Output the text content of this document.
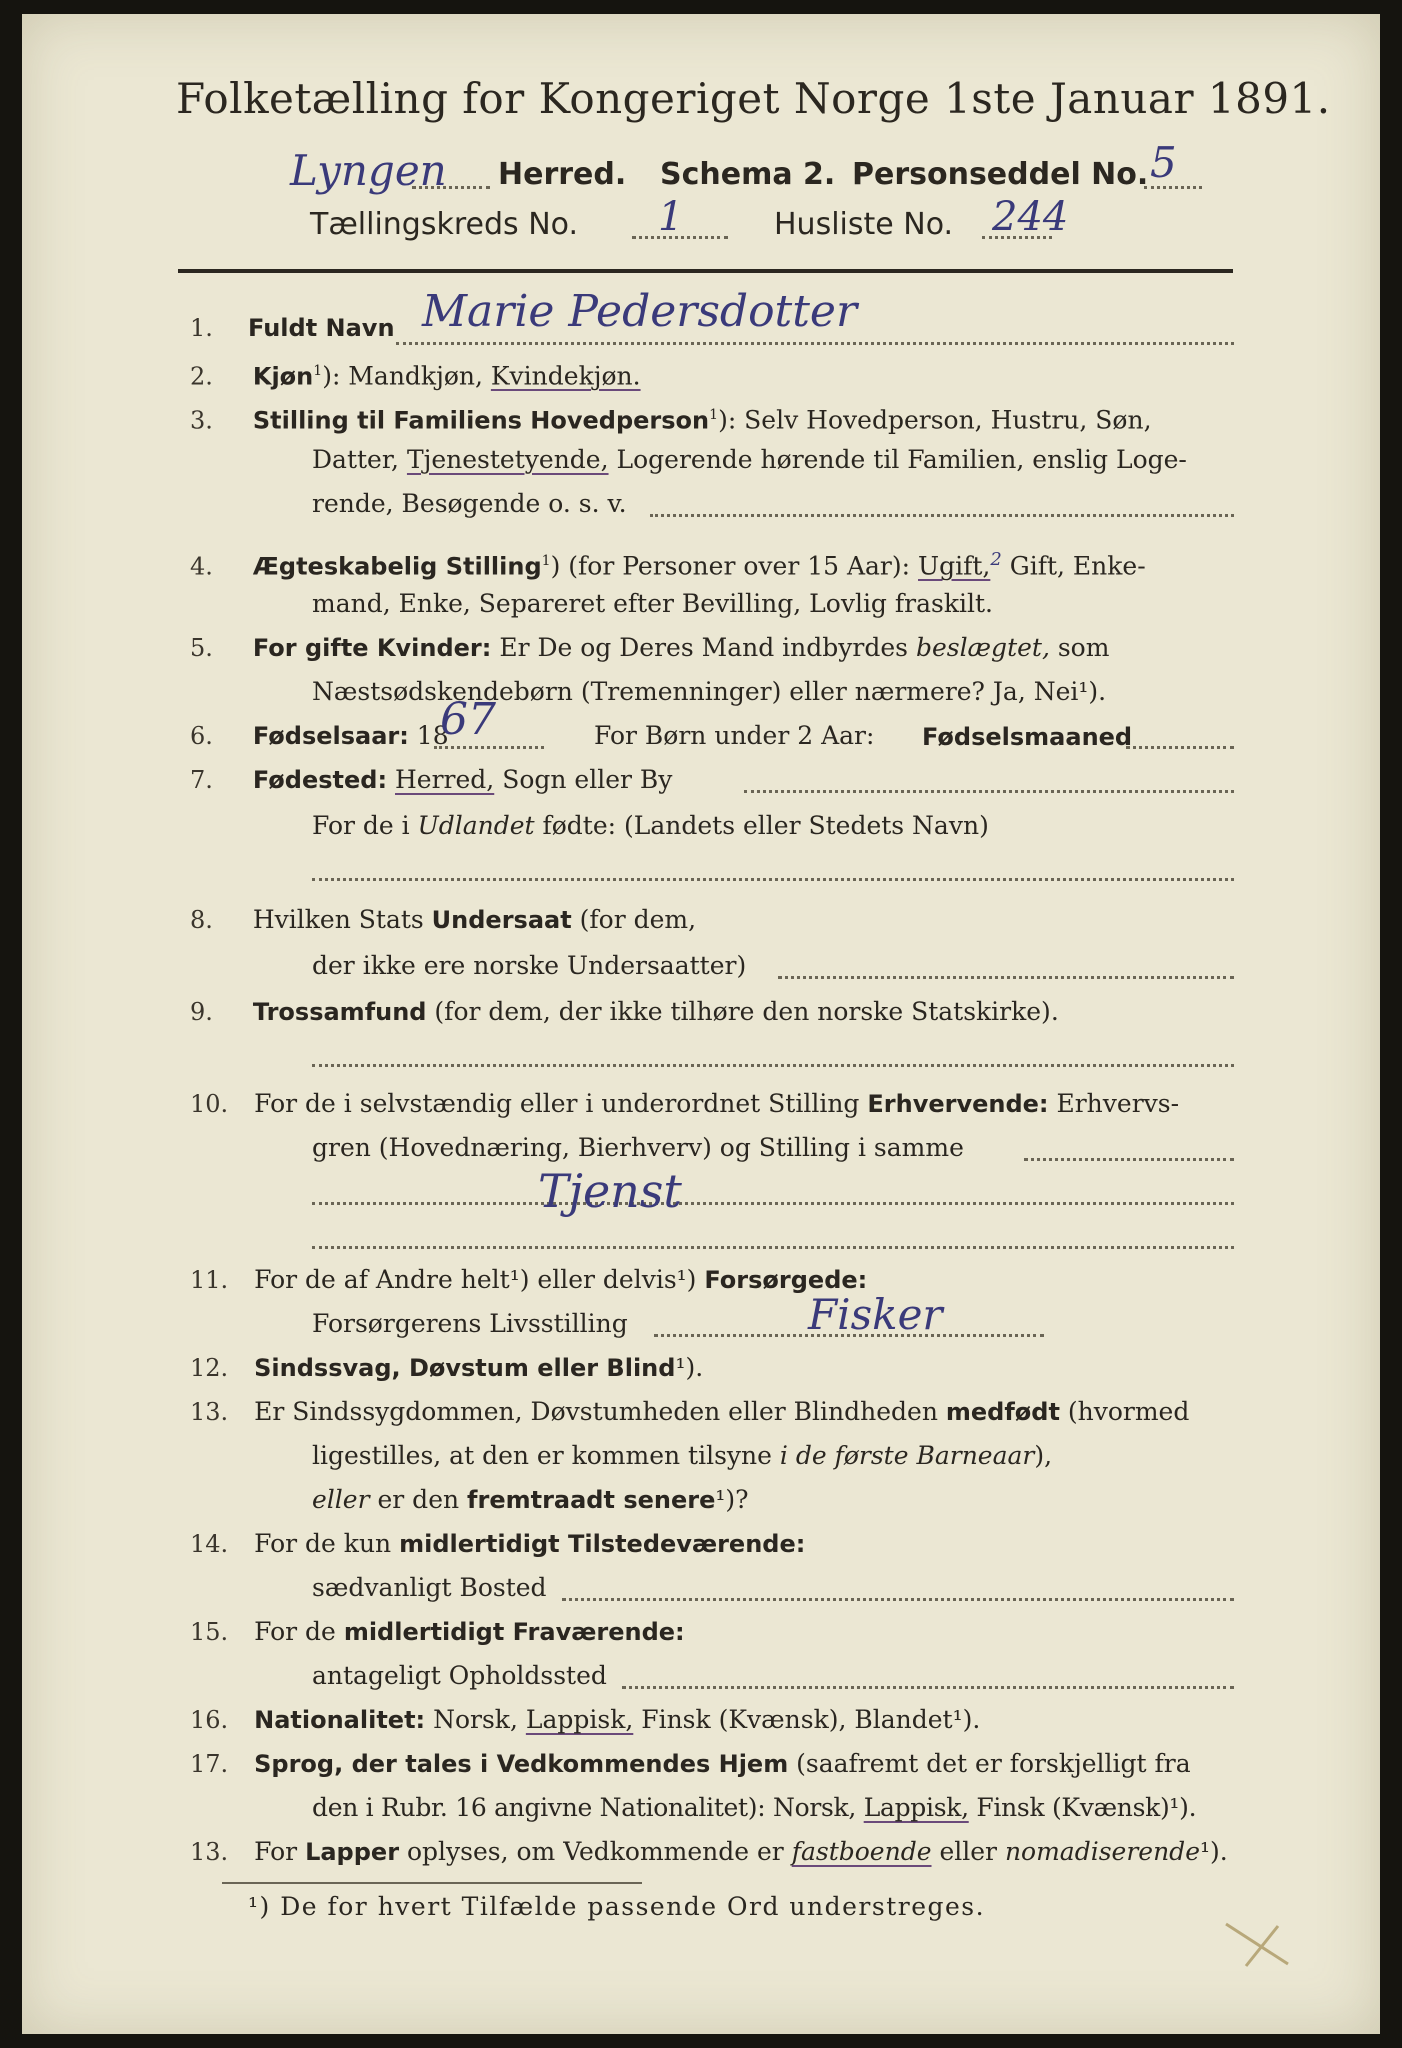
Folketælling for Kongeriget Norge 1ste Januar 1891.
Lyngen Herred. Schema 2. Personseddel No. 5
Tællingskreds No. 1	Husliste No. 244
1. Fuldt Navn Marie Pedersdotter
2. Kjøn$^1$): Mandkjøn, Kvindekjøn.
3. Stilling til Familiens Hovedperson$^1$): Selv Hovedperson, Hustru, Søn,
Datter, Tjenestetyende, Logerende hørende til Familien, enslig Loge-
rende, Besøgende o. s. v.
4. Ægteskabelig Stilling$^1$) (for Personer over 15 Aar): Ugift,$^2$ Gift, Enke-
mand, Enke, Separeret efter Bevilling, Lovlig fraskilt.
5. For gifte Kvinder: Er De og Deres Mand indbyrdes beslægtet, som
Næstsødskendebørn (Tremenninger) eller nærmere? Ja, Nei¹).
6. Fødselsaar: 18
67	For Børn under 2 Aar: Fødselsmaaned
7. Fødested: Herred, Sogn eller By
For de i Udlandet fødte: (Landets eller Stedets Navn)
8. Hvilken Stats Undersaat (for dem,
der ikke ere norske Undersaatter)
9. Trossamfund (for dem, der ikke tilhøre den norske Statskirke).
10. For de i selvstændig eller i underordnet Stilling Erhvervende: Erhvervs-
gren (Hovednæring, Bierhverv) og Stilling i samme
Tjenst
11. For de af Andre helt¹) eller delvis¹) Forsørgede:
Forsørgerens Livsstilling	Fisker
12. Sindssvag, Døvstum eller Blind¹).
13. Er Sindssygdommen, Døvstumheden eller Blindheden medfødt (hvormed
ligestilles, at den er kommen tilsyne i de første Barneaar),
eller er den fremtraadt senere¹)?
14. For de kun midlertidigt Tilstedeværende:
sædvanligt Bosted
15. For de midlertidigt Fraværende:
antageligt Opholdssted
16. Nationalitet: Norsk, Lappisk, Finsk (Kvænsk), Blandet¹).
17. Sprog, der tales i Vedkommendes Hjem (saafremt det er forskjelligt fra
den i Rubr. 16 angivne Nationalitet): Norsk, Lappisk, Finsk (Kvænsk)¹).
13. For Lapper oplyses, om Vedkommende er fastboende eller nomadiserende¹).
¹) De for hvert Tilfælde passende Ord understreges.
